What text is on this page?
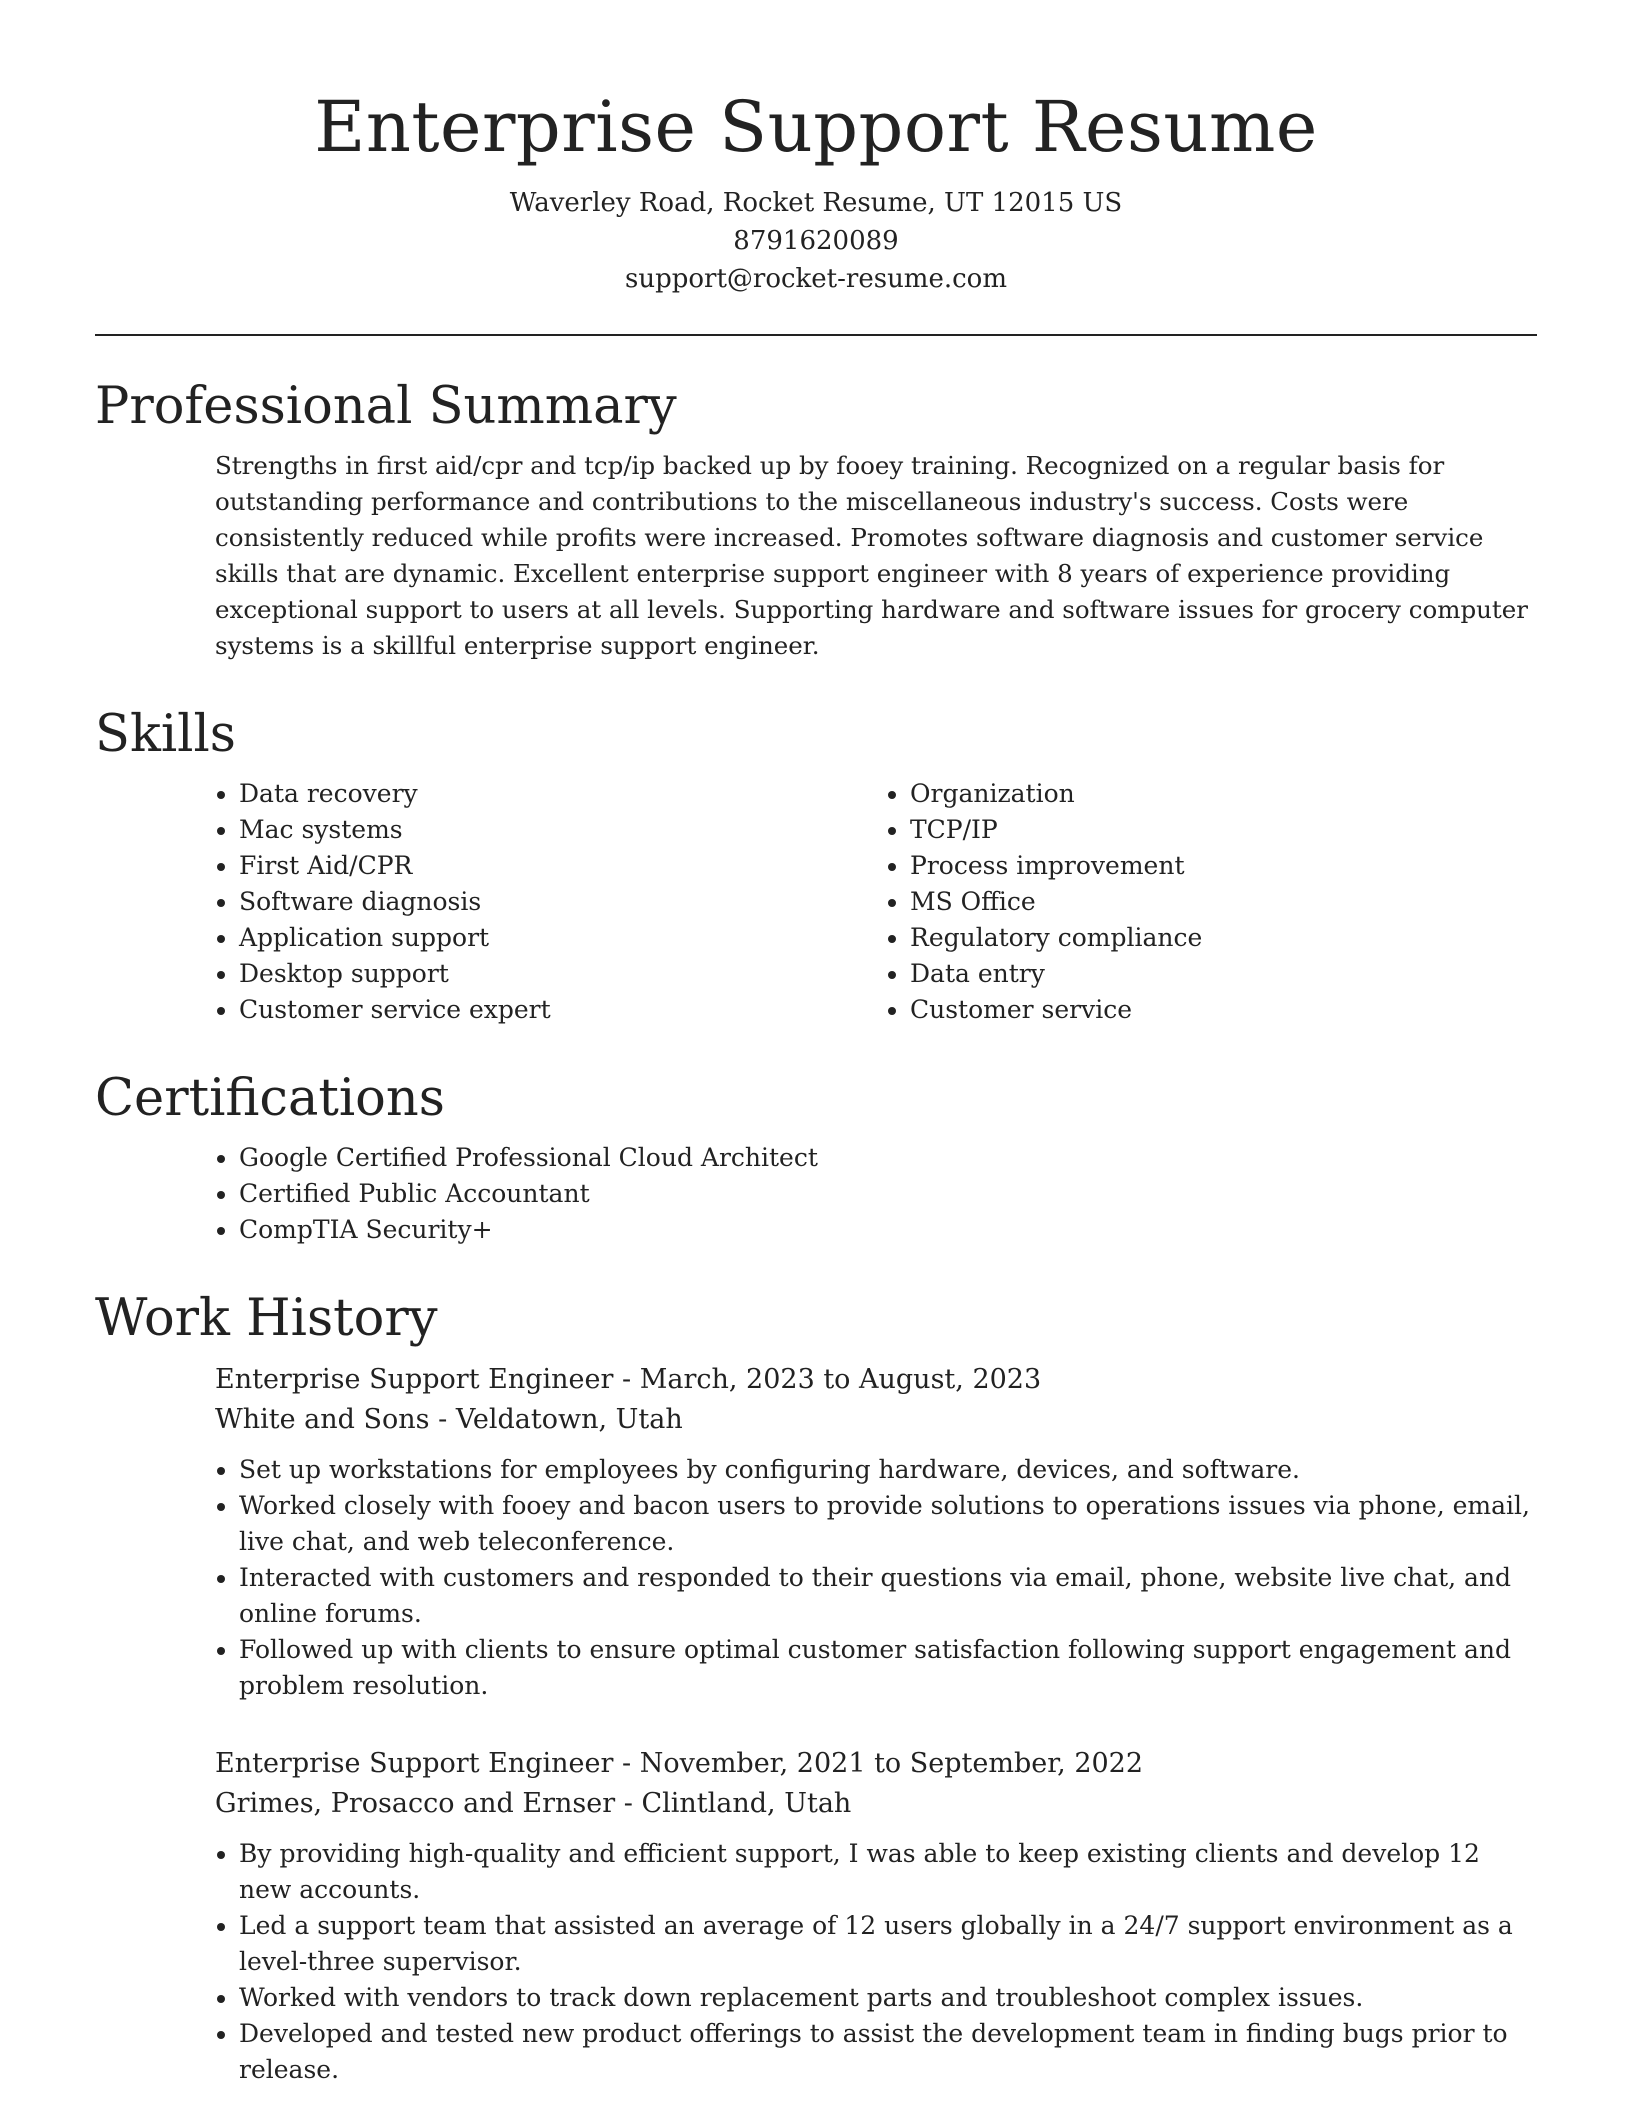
Enterprise Support Resume
Waverley Road, Rocket Resume, UT 12015 US
8791620089
support@rocket-resume.com
Professional Summary

Strengths in first aid/cpr and tcp/ip backed up by fooey training. Recognized on a regular basis for outstanding performance and contributions to the miscellaneous industry's success. Costs were consistently reduced while profits were increased. Promotes software diagnosis and customer service skills that are dynamic. Excellent enterprise support engineer with 8 years of experience providing exceptional support to users at all levels. Supporting hardware and software issues for grocery computer systems is a skillful enterprise support engineer.

Skills
• Data recovery
• Mac systems
• First Aid/CPR
• Software diagnosis
• Application support
• Desktop support
• Customer service expert
• Organization
• TCP/IP
• Process improvement
• MS Office
• Regulatory compliance
• Data entry
• Customer service
Certifications
• Google Certified Professional Cloud Architect
• Certified Public Accountant
• CompTIA Security+
Work History
Enterprise Support Engineer - March, 2023 to August, 2023
White and Sons - Veldatown, Utah
• Set up workstations for employees by configuring hardware, devices, and software.
• Worked closely with fooey and bacon users to provide solutions to operations issues via phone, email, live chat, and web teleconference.
• Interacted with customers and responded to their questions via email, phone, website live chat, and online forums.
• Followed up with clients to ensure optimal customer satisfaction following support engagement and problem resolution.
Enterprise Support Engineer - November, 2021 to September, 2022
Grimes, Prosacco and Ernser - Clintland, Utah
• By providing high-quality and efficient support, I was able to keep existing clients and develop 12 new accounts.
• Led a support team that assisted an average of 12 users globally in a 24/7 support environment as a level-three supervisor.
• Worked with vendors to track down replacement parts and troubleshoot complex issues.
• Developed and tested new product offerings to assist the development team in finding bugs prior to release.
